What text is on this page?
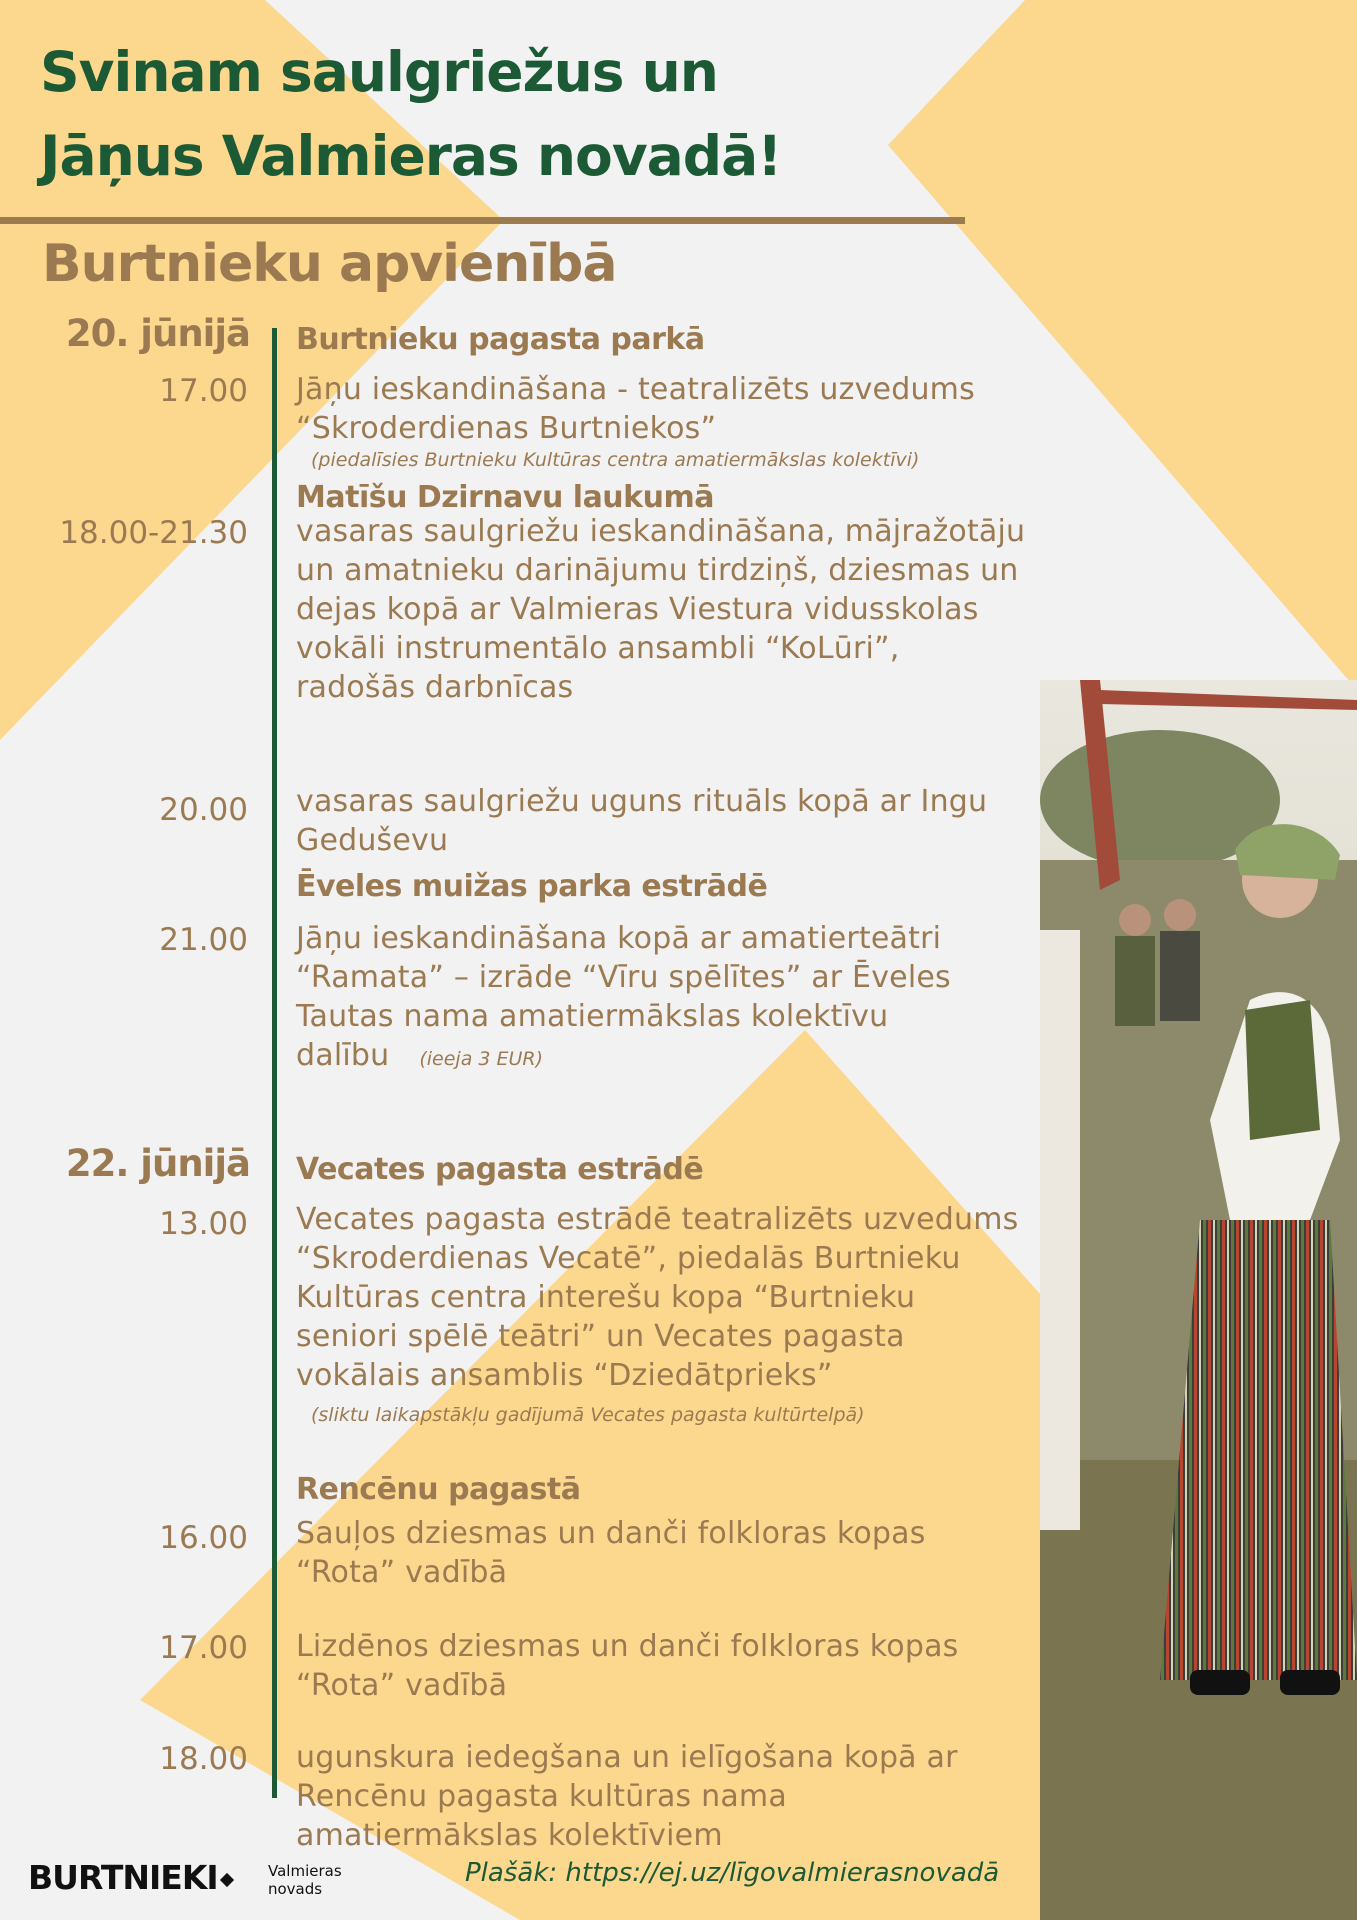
Svinam saulgriežus un
Jāņus Valmieras novadā!
Burtnieku apvienībā
20. jūnijā Burtnieku pagasta parkā
17.00 Jāņu ieskandināšana - teatralizēts uzvedums “Skroderdienas Burtniekos”
(piedalīsies Burtnieku Kultūras centra amatiermākslas kolektīvi)
Matīšu Dzirnavu laukumā
18.00-21.30 vasaras saulgriežu ieskandināšana, mājražotāju un amatnieku darinājumu tirdziņš, dziesmas un dejas kopā ar Valmieras Viestura vidusskolas vokāli instrumentālo ansambli “KoLūri”, radošās darbnīcas
20.00 vasaras saulgriežu uguns rituāls kopā ar Ingu Geduševu
Ēveles muižas parka estrādē
21.00 Jāņu ieskandināšana kopā ar amatierteātri “Ramata” – izrāde “Vīru spēlītes” ar Ēveles Tautas nama amatiermākslas kolektīvu dalību (ieeja 3 EUR)
22. jūnijā Vecates pagasta estrādē
13.00 Vecates pagasta estrādē teatralizēts uzvedums “Skroderdienas Vecatē”, piedalās Burtnieku Kultūras centra interešu kopa “Burtnieku seniori spēlē teātri” un Vecates pagasta vokālais ansamblis “Dziedātprieks”
(sliktu laikapstākļu gadījumā Vecates pagasta kultūrtelpā)
Rencēnu pagastā
16.00 Sauļos dziesmas un danči folkloras kopas “Rota” vadībā
17.00 Lizdēnos dziesmas un danči folkloras kopas “Rota” vadībā
18.00 ugunskura iedegšana un ielīgošana kopā ar Rencēnu pagasta kultūras nama amatiermākslas kolektīviem
BURTNIEKI	Valmieras
novads
Plašāk: https://ej.uz/līgovalmierasnovadā
